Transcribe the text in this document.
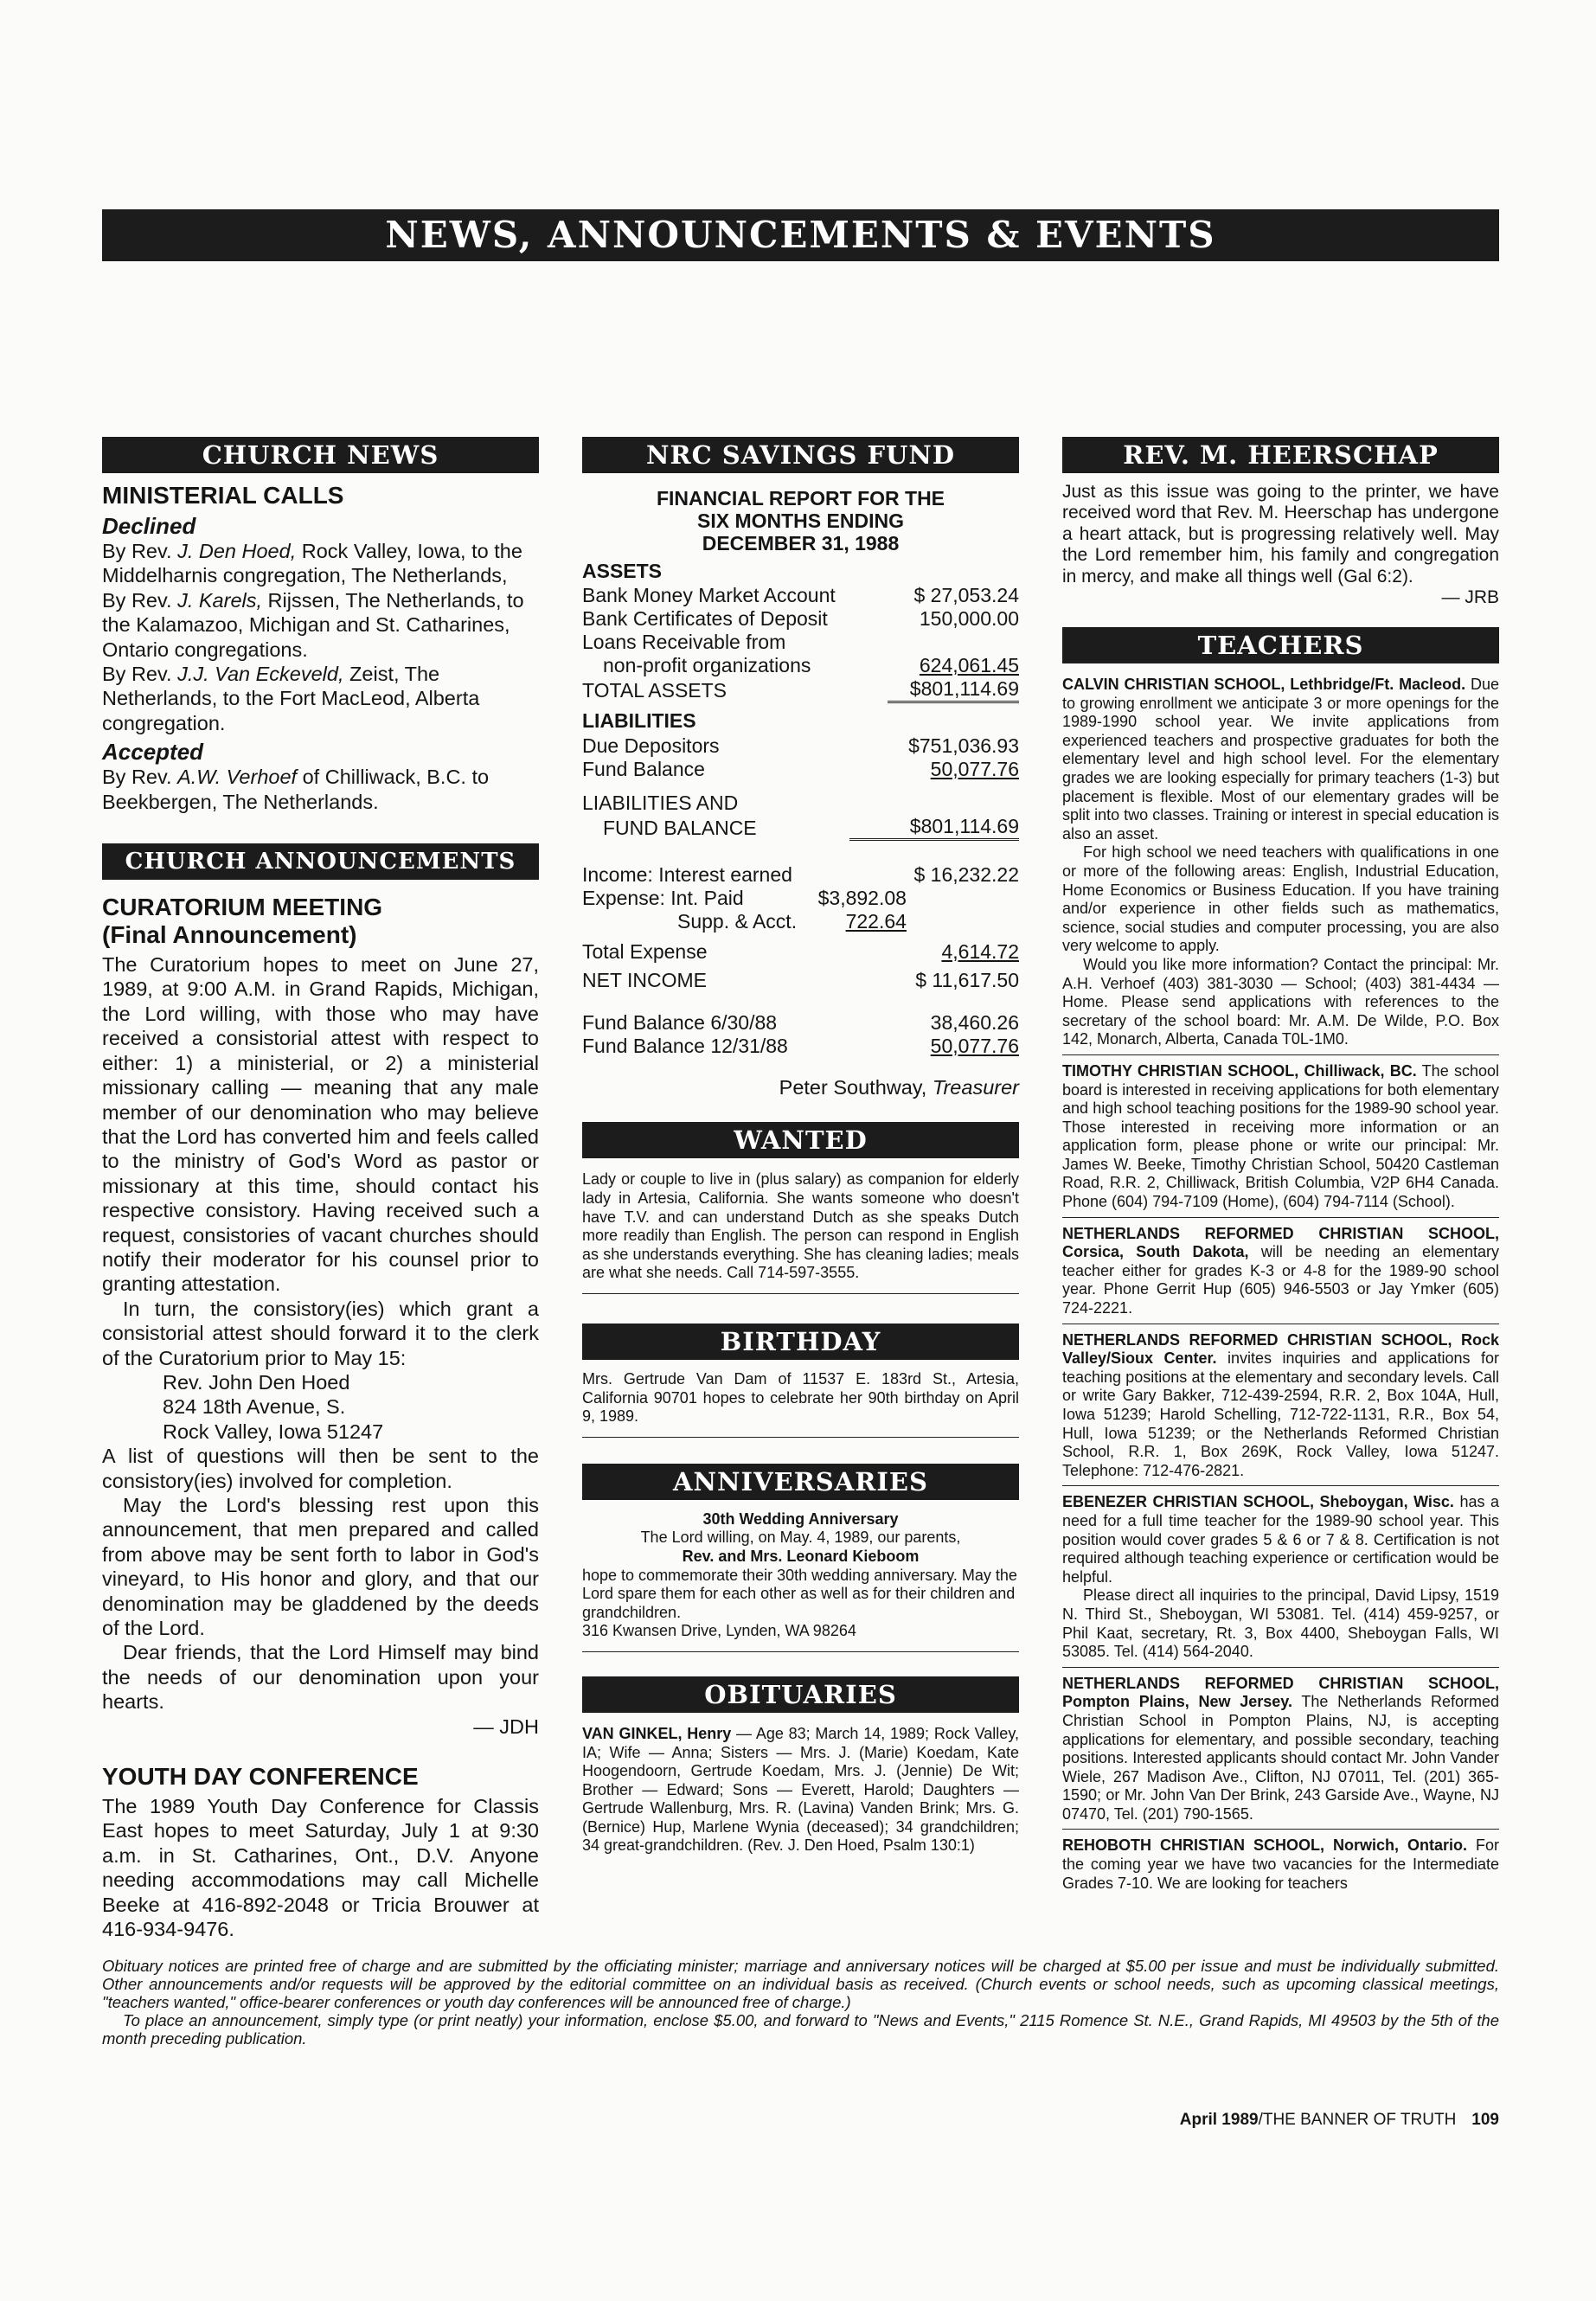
NEWS, ANNOUNCEMENTS & EVENTS
CHURCH NEWS
MINISTERIAL CALLS
Declined

By Rev. J. Den Hoed, Rock Valley, Iowa, to the Middelharnis congregation, The Netherlands,

By Rev. J. Karels, Rijssen, The Netherlands, to the Kalamazoo, Michigan and St. Catharines, Ontario congregations.

By Rev. J.J. Van Eckeveld, Zeist, The Netherlands, to the Fort MacLeod, Alberta congregation.

Accepted

By Rev. A.W. Verhoef of Chilliwack, B.C. to Beekbergen, The Netherlands.

CHURCH ANNOUNCEMENTS
CURATORIUM MEETING
(Final Announcement)

The Curatorium hopes to meet on June 27, 1989, at 9:00 A.M. in Grand Rapids, Michigan, the Lord willing, with those who may have received a consistorial attest with respect to either: 1) a ministerial, or 2) a ministerial missionary calling — meaning that any male member of our denomination who may believe that the Lord has converted him and feels called to the ministry of God's Word as pastor or missionary at this time, should contact his respective consistory. Having received such a request, consistories of vacant churches should notify their moderator for his counsel prior to granting attestation.

In turn, the consistory(ies) which grant a consistorial attest should forward it to the clerk of the Curatorium prior to May 15:

Rev. John Den Hoed

824 18th Avenue, S.

Rock Valley, Iowa 51247

A list of questions will then be sent to the consistory(ies) involved for completion.

May the Lord's blessing rest upon this announcement, that men prepared and called from above may be sent forth to labor in God's vineyard, to His honor and glory, and that our denomination may be gladdened by the deeds of the Lord.

Dear friends, that the Lord Himself may bind the needs of our denomination upon your hearts.

— JDH

YOUTH DAY CONFERENCE

The 1989 Youth Day Conference for Classis East hopes to meet Saturday, July 1 at 9:30 a.m. in St. Catharines, Ont., D.V. Anyone needing accommodations may call Michelle Beeke at 416-892-2048 or Tricia Brouwer at 416-934-9476.

NRC SAVINGS FUND

FINANCIAL REPORT FOR THE

SIX MONTHS ENDING

DECEMBER 31, 1988

ASSETS

Bank Money Market Account	$ 27,053.24
Bank Certificates of Deposit	150,000.00
Loans Receivable from	
non-profit organizations	624,061.45
TOTAL ASSETS	$801,114.69

LIABILITIES

Due Depositors	$751,036.93
Fund Balance	50,077.76
LIABILITIES AND	
FUND BALANCE	$801,114.69
Income: Interest earned		$ 16,232.22
Expense: Int. Paid	$3,892.08	
Supp. & Acct.	722.64	
Total Expense		4,614.72
NET INCOME		$ 11,617.50
Fund Balance 6/30/88		38,460.26
Fund Balance 12/31/88		50,077.76

Peter Southway, Treasurer

WANTED

Lady or couple to live in (plus salary) as companion for elderly lady in Artesia, California. She wants someone who doesn't have T.V. and can understand Dutch as she speaks Dutch more readily than English. The person can respond in English as she understands everything. She has cleaning ladies; meals are what she needs. Call 714-597-3555.

BIRTHDAY

Mrs. Gertrude Van Dam of 11537 E. 183rd St., Artesia, California 90701 hopes to celebrate her 90th birthday on April 9, 1989.

ANNIVERSARIES

30th Wedding Anniversary

The Lord willing, on May. 4, 1989, our parents,

Rev. and Mrs. Leonard Kieboom

hope to commemorate their 30th wedding anniversary. May the Lord spare them for each other as well as for their children and grandchildren.

316 Kwansen Drive, Lynden, WA 98264

OBITUARIES

VAN GINKEL, Henry — Age 83; March 14, 1989; Rock Valley, IA; Wife — Anna; Sisters — Mrs. J. (Marie) Koedam, Kate Hoogendoorn, Gertrude Koedam, Mrs. J. (Jennie) De Wit; Brother — Edward; Sons — Everett, Harold; Daughters — Gertrude Wallenburg, Mrs. R. (Lavina) Vanden Brink; Mrs. G. (Bernice) Hup, Marlene Wynia (deceased); 34 grandchildren; 34 great-grandchildren. (Rev. J. Den Hoed, Psalm 130:1)

REV. M. HEERSCHAP

Just as this issue was going to the printer, we have received word that Rev. M. Heerschap has undergone a heart attack, but is progressing relatively well. May the Lord remember him, his family and congregation in mercy, and make all things well (Gal 6:2).

— JRB

TEACHERS

CALVIN CHRISTIAN SCHOOL, Lethbridge/Ft. Macleod. Due to growing enrollment we anticipate 3 or more openings for the 1989-1990 school year. We invite applications from experienced teachers and prospective graduates for both the elementary level and high school level. For the elementary grades we are looking especially for primary teachers (1-3) but placement is flexible. Most of our elementary grades will be split into two classes. Training or interest in special education is also an asset.

For high school we need teachers with qualifications in one or more of the following areas: English, Industrial Education, Home Economics or Business Education. If you have training and/or experience in other fields such as mathematics, science, social studies and computer processing, you are also very welcome to apply.

Would you like more information? Contact the principal: Mr. A.H. Verhoef (403) 381-3030 — School; (403) 381-4434 — Home. Please send applications with references to the secretary of the school board: Mr. A.M. De Wilde, P.O. Box 142, Monarch, Alberta, Canada T0L-1M0.

TIMOTHY CHRISTIAN SCHOOL, Chilliwack, BC. The school board is interested in receiving applications for both elementary and high school teaching positions for the 1989-90 school year. Those interested in receiving more information or an application form, please phone or write our principal: Mr. James W. Beeke, Timothy Christian School, 50420 Castleman Road, R.R. 2, Chilliwack, British Columbia, V2P 6H4 Canada. Phone (604) 794-7109 (Home), (604) 794-7114 (School).

NETHERLANDS REFORMED CHRISTIAN SCHOOL, Corsica, South Dakota, will be needing an elementary teacher either for grades K-3 or 4-8 for the 1989-90 school year. Phone Gerrit Hup (605) 946-5503 or Jay Ymker (605) 724-2221.

NETHERLANDS REFORMED CHRISTIAN SCHOOL, Rock Valley/Sioux Center. invites inquiries and applications for teaching positions at the elementary and secondary levels. Call or write Gary Bakker, 712-439-2594, R.R. 2, Box 104A, Hull, Iowa 51239; Harold Schelling, 712-722-1131, R.R., Box 54, Hull, Iowa 51239; or the Netherlands Reformed Christian School, R.R. 1, Box 269K, Rock Valley, Iowa 51247. Telephone: 712-476-2821.

EBENEZER CHRISTIAN SCHOOL, Sheboygan, Wisc. has a need for a full time teacher for the 1989-90 school year. This position would cover grades 5 & 6 or 7 & 8. Certification is not required although teaching experience or certification would be helpful.

Please direct all inquiries to the principal, David Lipsy, 1519 N. Third St., Sheboygan, WI 53081. Tel. (414) 459-9257, or Phil Kaat, secretary, Rt. 3, Box 4400, Sheboygan Falls, WI 53085. Tel. (414) 564-2040.

NETHERLANDS REFORMED CHRISTIAN SCHOOL, Pompton Plains, New Jersey. The Netherlands Reformed Christian School in Pompton Plains, NJ, is accepting applications for elementary, and possible secondary, teaching positions. Interested applicants should contact Mr. John Vander Wiele, 267 Madison Ave., Clifton, NJ 07011, Tel. (201) 365-1590; or Mr. John Van Der Brink, 243 Garside Ave., Wayne, NJ 07470, Tel. (201) 790-1565.

REHOBOTH CHRISTIAN SCHOOL, Norwich, Ontario. For the coming year we have two vacancies for the Intermediate Grades 7-10. We are looking for teachers

Obituary notices are printed free of charge and are submitted by the officiating minister; marriage and anniversary notices will be charged at $5.00 per issue and must be individually submitted. Other announcements and/or requests will be approved by the editorial committee on an individual basis as received. (Church events or school needs, such as upcoming classical meetings, "teachers wanted," office-bearer conferences or youth day conferences will be announced free of charge.)

To place an announcement, simply type (or print neatly) your information, enclose $5.00, and forward to "News and Events," 2115 Romence St. N.E., Grand Rapids, MI 49503 by the 5th of the month preceding publication.

April 1989/THE BANNER OF TRUTH 109
